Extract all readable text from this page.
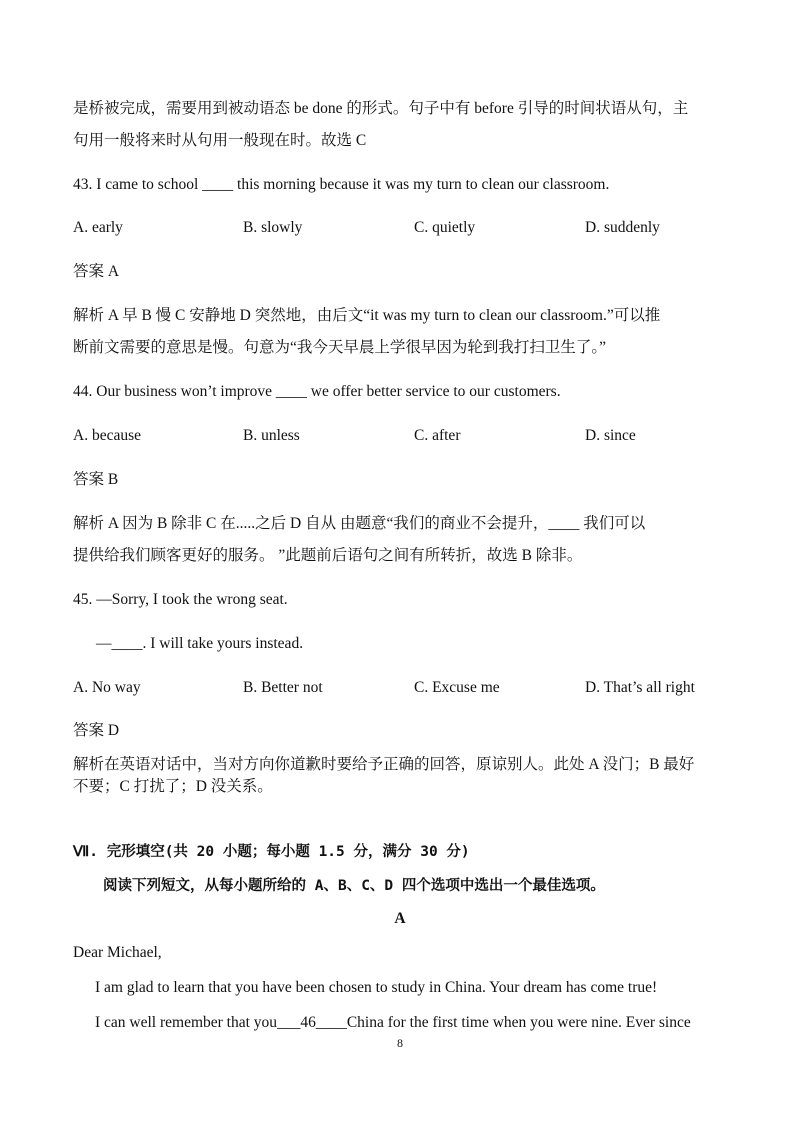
是桥被完成，需要用到被动语态 be done 的形式。句子中有 before 引导的时间状语从句，主
句用一般将来时从句用一般现在时。故选 C
43. I came to school ____ this morning because it was my turn to clean our classroom.
A. early	B. slowly	C. quietly	D. suddenly
答案 A
解析 A 早 B 慢 C 安静地 D 突然地，由后文“it was my turn to clean our classroom.”可以推
断前文需要的意思是慢。句意为“我今天早晨上学很早因为轮到我打扫卫生了。”
44. Our business won’t improve ____ we offer better service to our customers.
A. because	B. unless	C. after	D. since
答案 B
解析 A 因为 B 除非 C 在.....之后 D 自从 由题意“我们的商业不会提升，____ 我们可以
提供给我们顾客更好的服务。 ”此题前后语句之间有所转折，故选 B 除非。
45. —Sorry, I took the wrong seat.
—____. I will take yours instead.
A. No way	B. Better not	C. Excuse me	D. That’s all right
答案 D
解析在英语对话中，当对方向你道歉时要给予正确的回答，原谅别人。此处 A 没门；B 最好
不要；C 打扰了；D 没关系。
Ⅶ. 完形填空(共 20 小题；每小题 1.5 分，满分 30 分)
阅读下列短文，从每小题所给的 A、B、C、D 四个选项中选出一个最佳选项。
A
Dear Michael,
I am glad to learn that you have been chosen to study in China. Your dream has come true!
I can well remember that you___46____China for the first time when you were nine. Ever since
8
